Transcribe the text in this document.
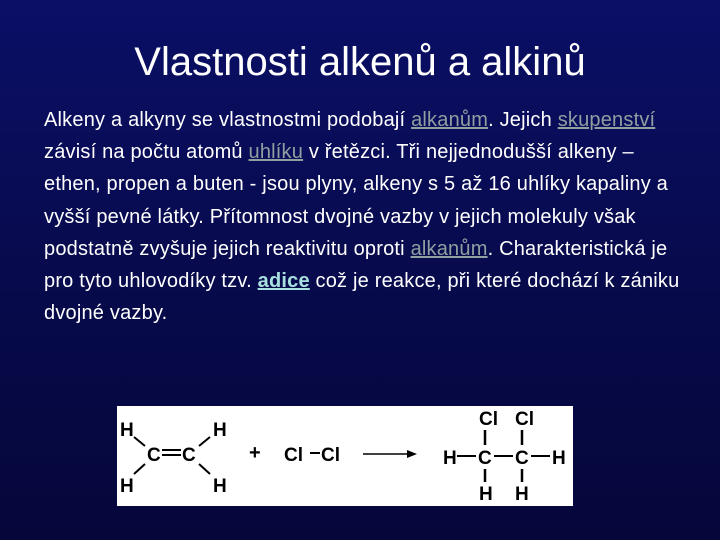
Vlastnosti alkenů a alkinů

Alkeny a alkyny se vlastnostmi podobají alkanům. Jejich skupenství závisí na počtu atomů uhlíku v řetězci. Tři nejjednodušší alkeny – ethen, propen a buten - jsou plyny, alkeny s 5 až 16 uhlíky kapaliny a vyšší pevné látky. Přítomnost dvojné vazby v jejich molekuly však podstatně zvyšuje jejich reaktivitu oproti alkanům. Charakteristická je pro tyto uhlovodíky tzv. adice což je reakce, při které dochází k zániku dvojné vazby.

H
H
H
H
C C	+ Cl Cl
Cl Cl
H C C H
H H
